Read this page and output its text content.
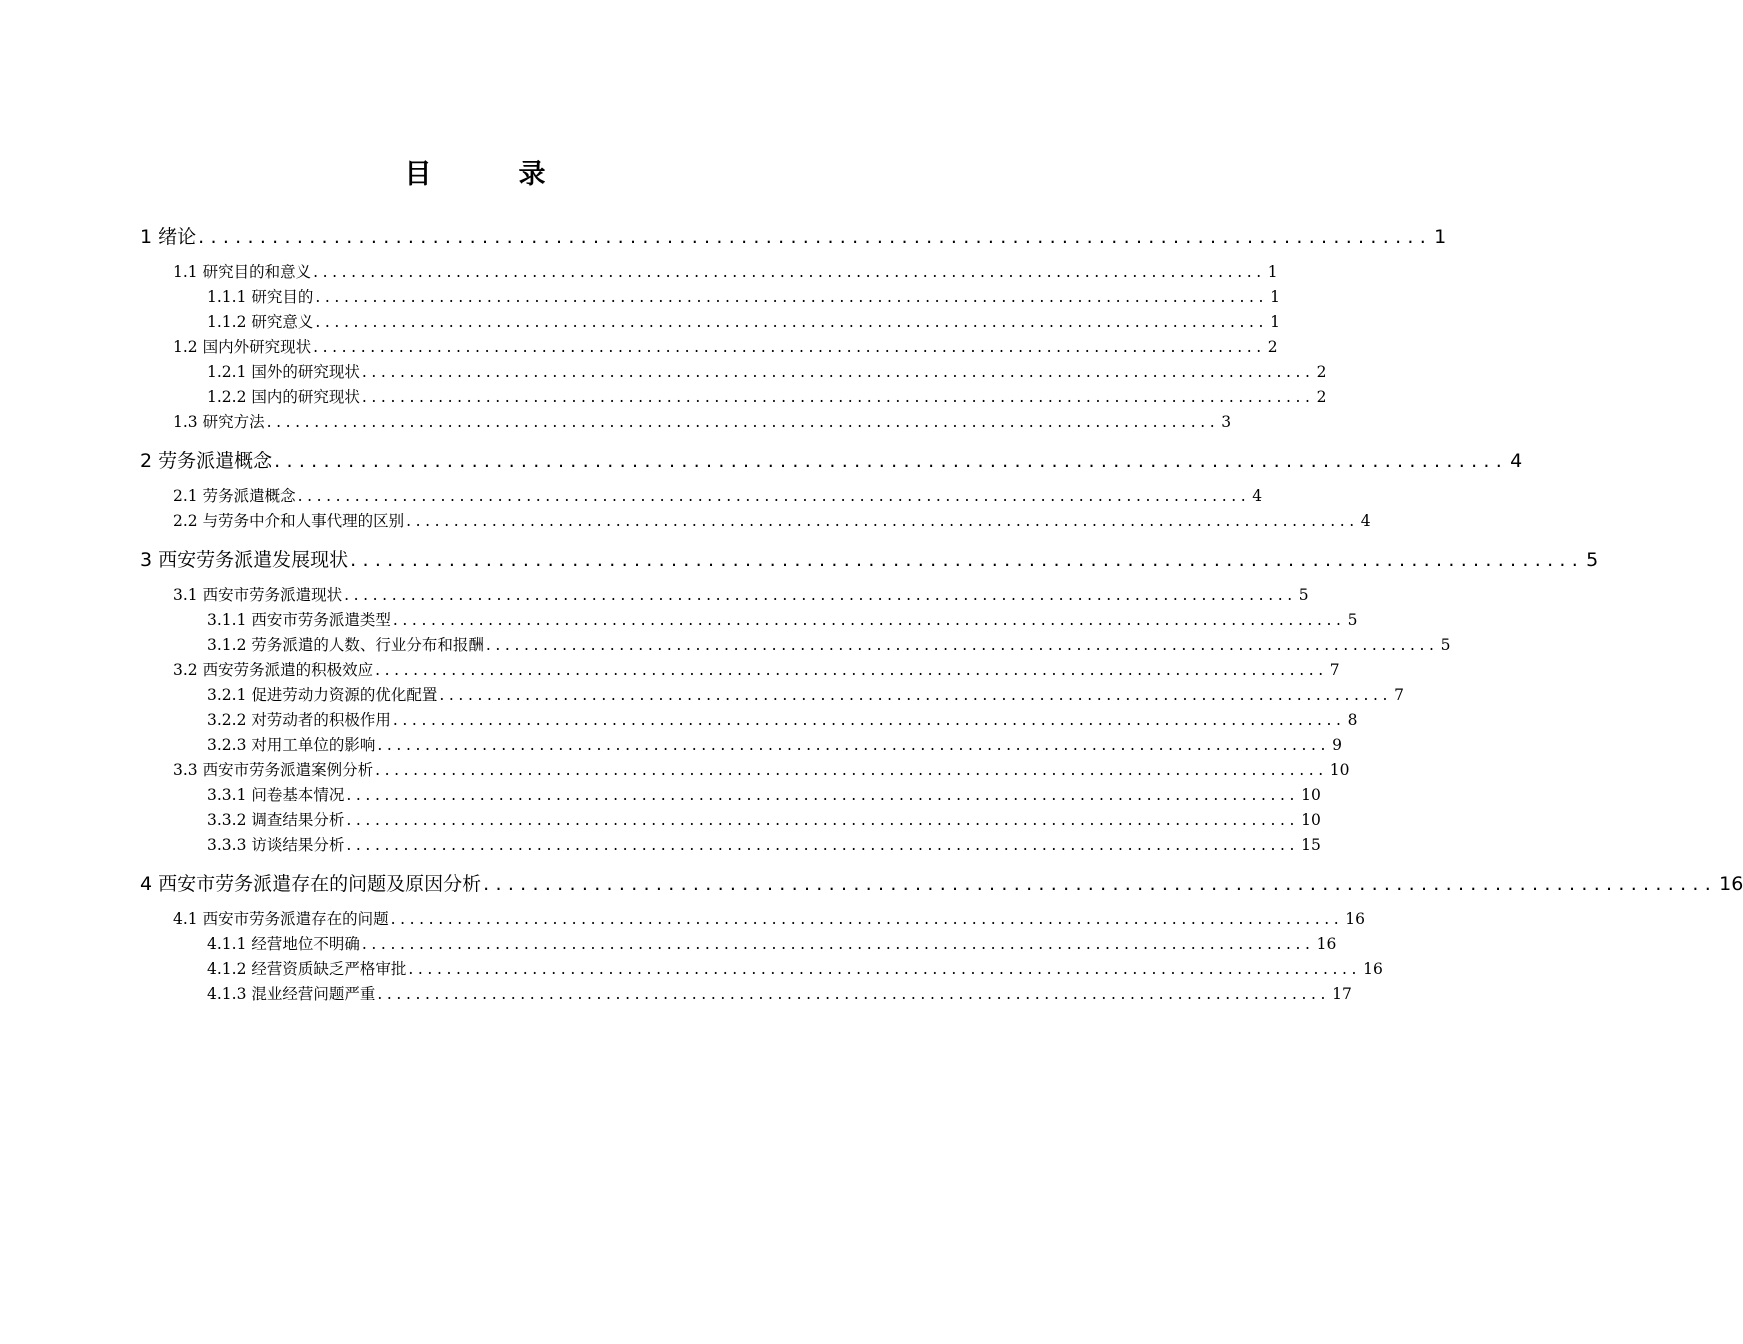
目　录
1 绪论 .................................................................................................... 1
1.1 研究目的和意义 .................................................................................................... 1
1.1.1 研究目的 .................................................................................................... 1
1.1.2 研究意义 .................................................................................................... 1
1.2 国内外研究现状 .................................................................................................... 2
1.2.1 国外的研究现状 .................................................................................................... 2
1.2.2 国内的研究现状 .................................................................................................... 2
1.3 研究方法 .................................................................................................... 3
2 劳务派遣概念 .................................................................................................... 4
2.1 劳务派遣概念 .................................................................................................... 4
2.2 与劳务中介和人事代理的区别 .................................................................................................... 4
3 西安劳务派遣发展现状 .................................................................................................... 5
3.1 西安市劳务派遣现状 .................................................................................................... 5
3.1.1 西安市劳务派遣类型 .................................................................................................... 5
3.1.2 劳务派遣的人数、行业分布和报酬 .................................................................................................... 5
3.2 西安劳务派遣的积极效应 .................................................................................................... 7
3.2.1 促进劳动力资源的优化配置 .................................................................................................... 7
3.2.2 对劳动者的积极作用 .................................................................................................... 8
3.2.3 对用工单位的影响 .................................................................................................... 9
3.3 西安市劳务派遣案例分析 .................................................................................................... 10
3.3.1 问卷基本情况 .................................................................................................... 10
3.3.2 调查结果分析 .................................................................................................... 10
3.3.3 访谈结果分析 .................................................................................................... 15
4 西安市劳务派遣存在的问题及原因分析 .................................................................................................... 16
4.1 西安市劳务派遣存在的问题 .................................................................................................... 16
4.1.1 经营地位不明确 .................................................................................................... 16
4.1.2 经营资质缺乏严格审批 .................................................................................................... 16
4.1.3 混业经营问题严重 .................................................................................................... 17
